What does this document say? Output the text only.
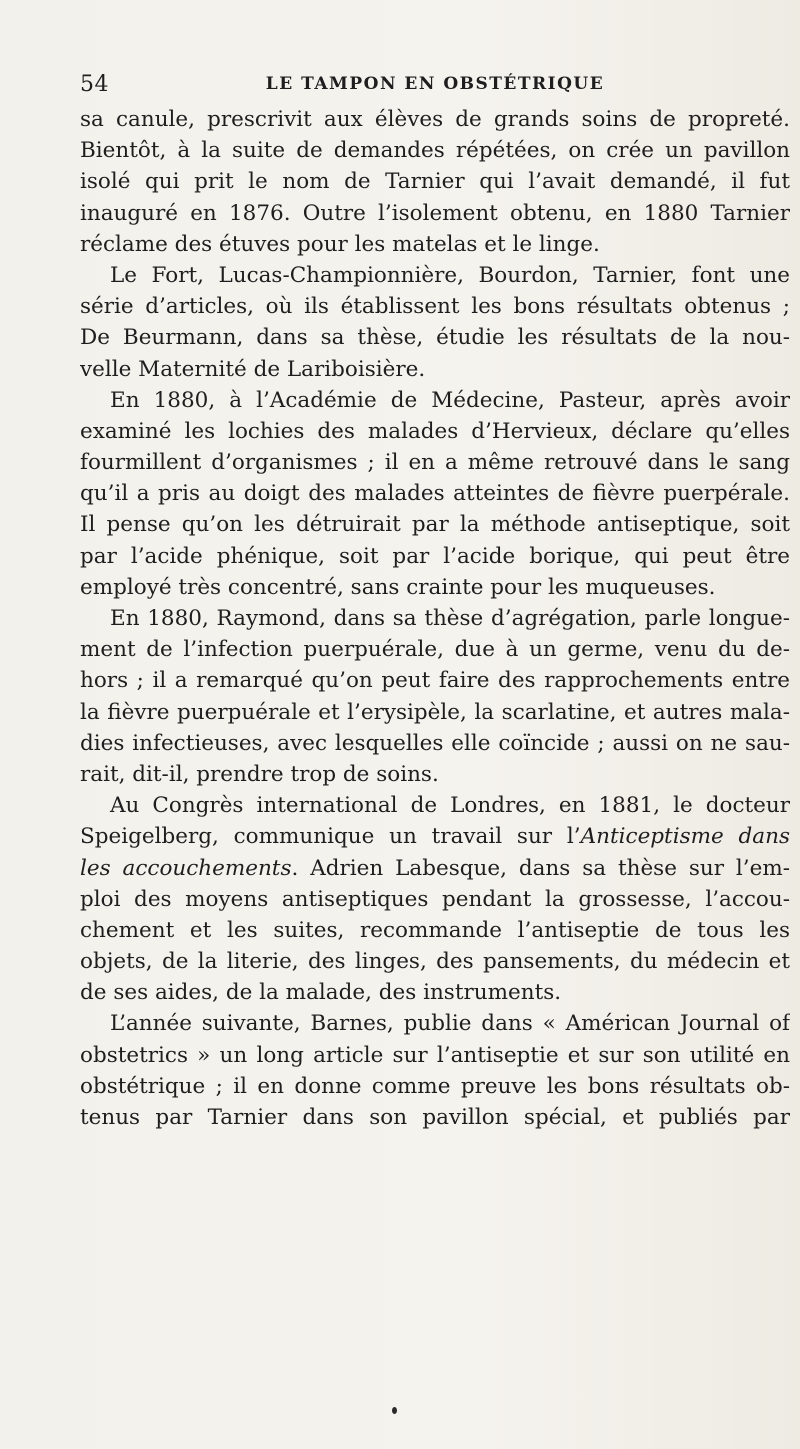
54	LE TAMPON EN OBSTÉTRIQUE
sa canule, prescrivit aux élèves de grands soins de propreté.
Bientôt, à la suite de demandes répétées, on crée un pavillon
isolé qui prit le nom de Tarnier qui l’avait demandé, il fut
inauguré en 1876. Outre l’isolement obtenu, en 1880 Tarnier
réclame des étuves pour les matelas et le linge.
Le Fort, Lucas-Championnière, Bourdon, Tarnier, font une
série d’articles, où ils établissent les bons résultats obtenus ;
De Beurmann, dans sa thèse, étudie les résultats de la nou-
velle Maternité de Lariboisière.
En 1880, à l’Académie de Médecine, Pasteur, après avoir
examiné les lochies des malades d’Hervieux, déclare qu’elles
fourmillent d’organismes ; il en a même retrouvé dans le sang
qu’il a pris au doigt des malades atteintes de fièvre puerpérale.
Il pense qu’on les détruirait par la méthode antiseptique, soit
par l’acide phénique, soit par l’acide borique, qui peut être
employé très concentré, sans crainte pour les muqueuses.
En 1880, Raymond, dans sa thèse d’agrégation, parle longue-
ment de l’infection puerpuérale, due à un germe, venu du de-
hors ; il a remarqué qu’on peut faire des rapprochements entre
la fièvre puerpuérale et l’erysipèle, la scarlatine, et autres mala-
dies infectieuses, avec lesquelles elle coïncide ; aussi on ne sau-
rait, dit-il, prendre trop de soins.
Au Congrès international de Londres, en 1881, le docteur
Speigelberg, communique un travail sur l’Anticeptisme dans
les accouchements. Adrien Labesque, dans sa thèse sur l’em-
ploi des moyens antiseptiques pendant la grossesse, l’accou-
chement et les suites, recommande l’antiseptie de tous les
objets, de la literie, des linges, des pansements, du médecin et
de ses aides, de la malade, des instruments.
L’année suivante, Barnes, publie dans « Américan Journal of
obstetrics » un long article sur l’antiseptie et sur son utilité en
obstétrique ; il en donne comme preuve les bons résultats ob-
tenus par Tarnier dans son pavillon spécial, et publiés par
